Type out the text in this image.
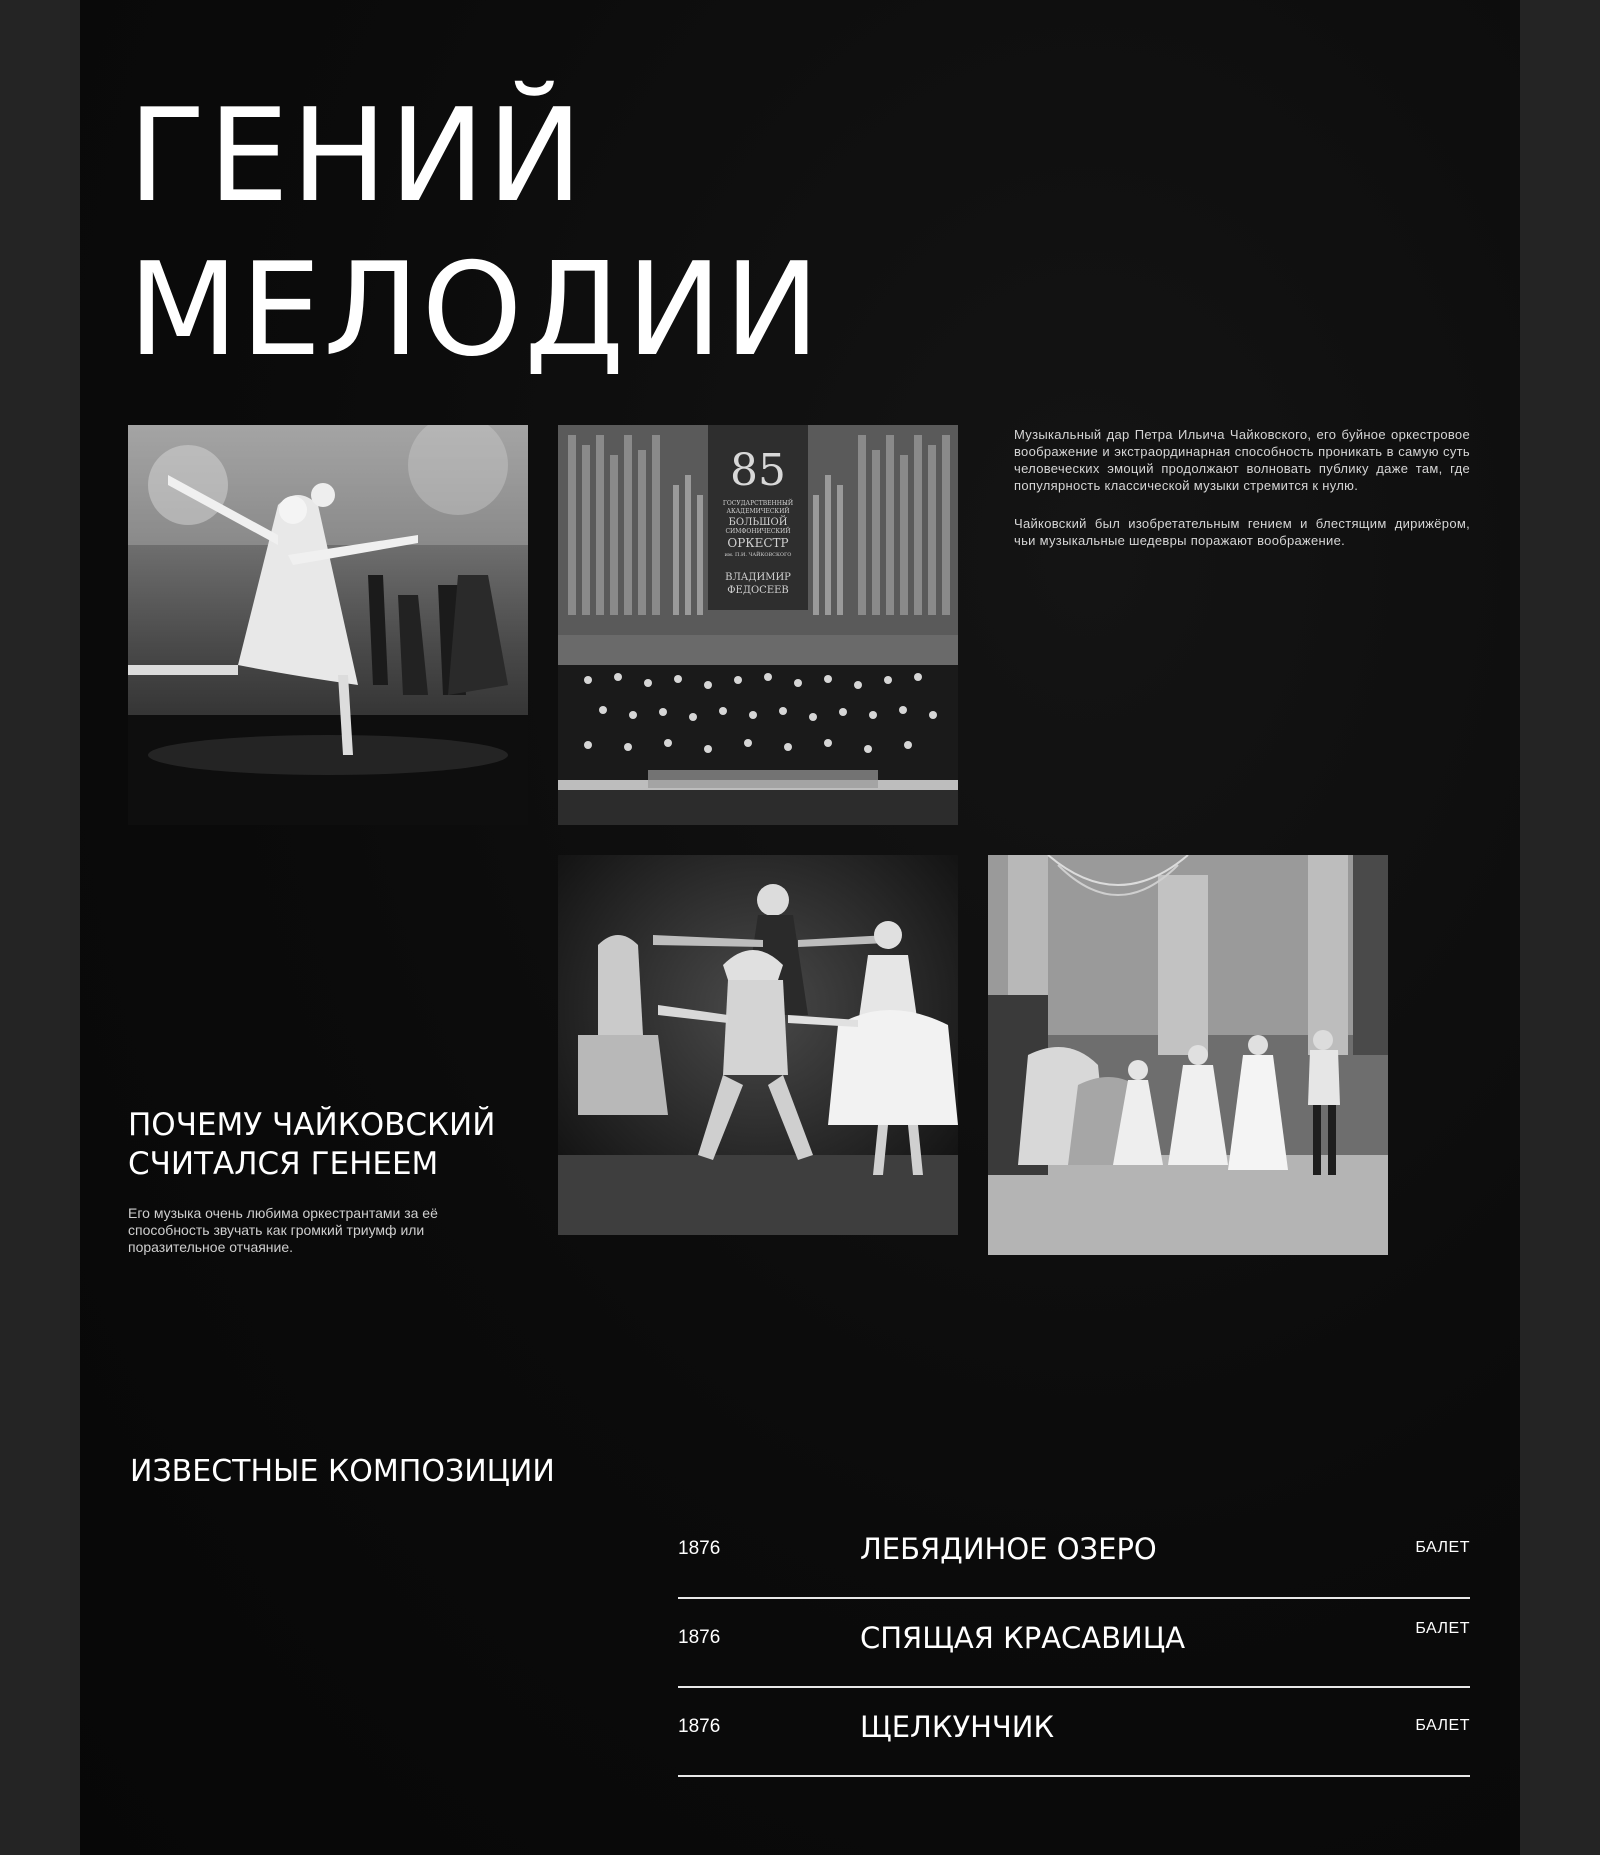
ГЕНИЙ
МЕЛОДИИ
85
ГОСУДАРСТВЕННЫЙ
АКАДЕМИЧЕСКИЙ
БОЛЬШОЙ
СИМФОНИЧЕСКИЙ
ОРКЕСТР
им. П.И. ЧАЙКОВСКОГО
ВЛАДИМИР
ФЕДОСЕЕВ

Музыкальный дар Петра Ильича Чайковского, его буйное оркестровое воображение и экстраординарная способность проникать в самую суть человеческих эмоций продолжают волновать публику даже там, где популярность классической музыки стремится к нулю.

Чайковский был изобретательным гением и блестящим дирижёром, чьи музыкальные шедевры поражают воображение.

ПОЧЕМУ ЧАЙКОВСКИЙ СЧИТАЛСЯ ГЕНЕЕМ
Его музыка очень любима оркестрантами за её способность звучать как громкий триумф или поразительное отчаяние.
ИЗВЕСТНЫЕ КОМПОЗИЦИИ
1876	ЛЕБЯДИНОЕ ОЗЕРО	БАЛЕТ
1876	СПЯЩАЯ КРАСАВИЦА	БАЛЕТ
1876	ЩЕЛКУНЧИК	БАЛЕТ
